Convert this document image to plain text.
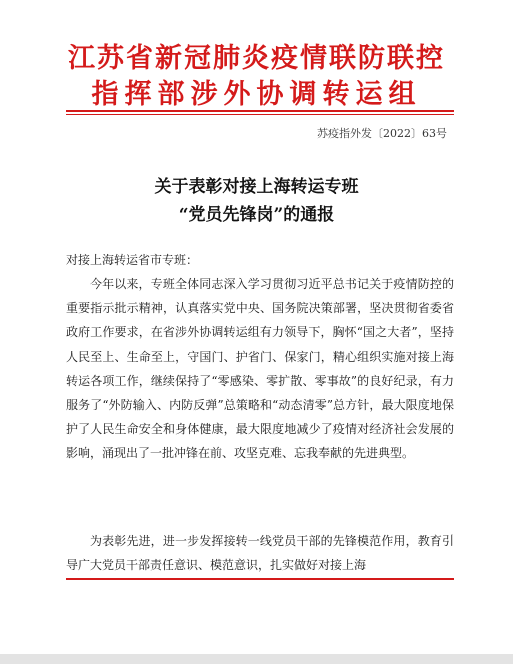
江苏省新冠肺炎疫情联防联控
指挥部涉外协调转运组
苏疫指外发〔2022〕63号
关于表彰对接上海转运专班
“党员先锋岗”的通报
对接上海转运省市专班：

今年以来，专班全体同志深入学习贯彻习近平总书记关于疫情防控的重要指示批示精神，认真落实党中央、国务院决策部署，坚决贯彻省委省政府工作要求，在省涉外协调转运组有力领导下，胸怀“国之大者”，坚持人民至上、生命至上，守国门、护省门、保家门，精心组织实施对接上海转运各项工作，继续保持了“零感染、零扩散、零事故”的良好纪录，有力服务了“外防输入、内防反弹”总策略和“动态清零”总方针，最大限度地保护了人民生命安全和身体健康，最大限度地减少了疫情对经济社会发展的影响，涌现出了一批冲锋在前、攻坚克难、忘我奉献的先进典型。

为表彰先进，进一步发挥接转一线党员干部的先锋模范作用，教育引导广大党员干部责任意识、模范意识，扎实做好对接上海
